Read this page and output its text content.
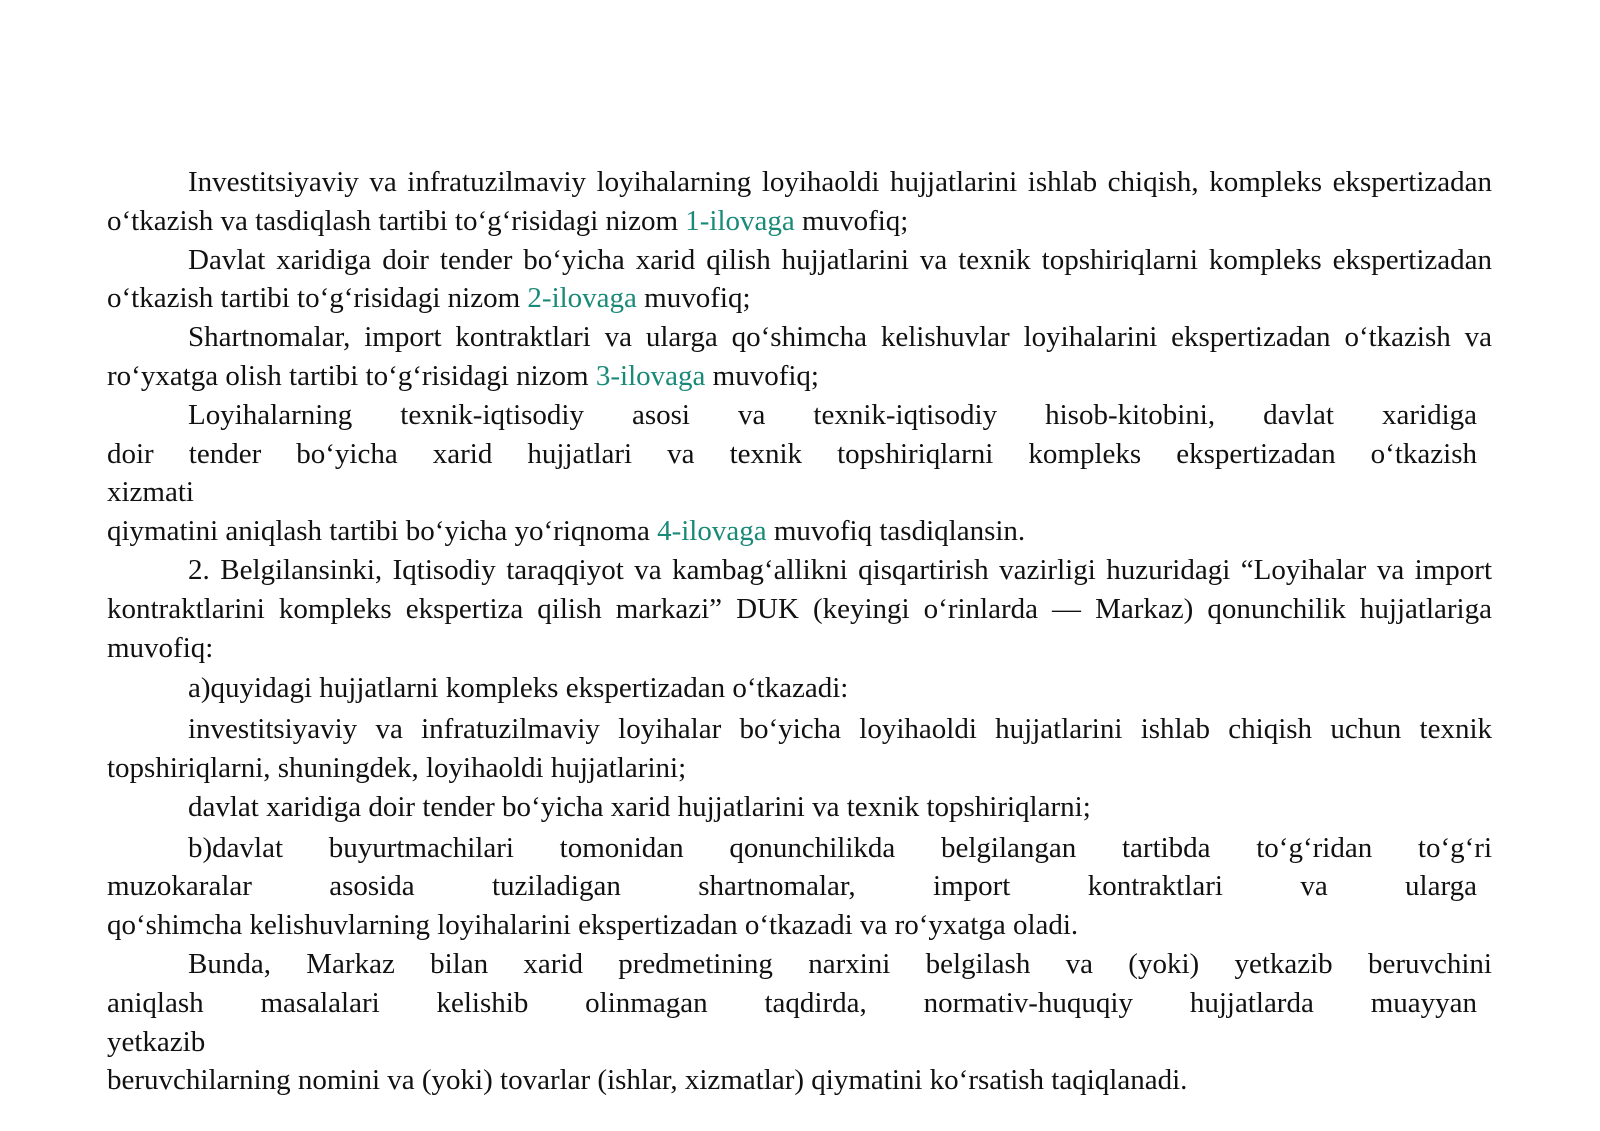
Investitsiyaviy va infratuzilmaviy loyihalarning loyihaoldi hujjatlarini ishlab chiqish, kompleks ekspertizadan o‘tkazish va tasdiqlash tartibi to‘g‘risidagi nizom 1-ilovaga muvofiq;

Davlat xaridiga doir tender bo‘yicha xarid qilish hujjatlarini va texnik topshiriqlarni kompleks ekspertizadan o‘tkazish tartibi to‘g‘risidagi nizom 2-ilovaga muvofiq;

Shartnomalar, import kontraktlari va ularga qo‘shimcha kelishuvlar loyihalarini ekspertizadan o‘tkazish va ro‘yxatga olish tartibi to‘g‘risidagi nizom 3-ilovaga muvofiq;

Loyihalarning texnik-iqtisodiy asosi va texnik-iqtisodiy hisob-kitobini, davlat xaridiga

doir tender bo‘yicha xarid hujjatlari va texnik topshiriqlarni kompleks ekspertizadan o‘tkazish

xizmati

qiymatini aniqlash tartibi bo‘yicha yo‘riqnoma 4-ilovaga muvofiq tasdiqlansin.

2. Belgilansinki, Iqtisodiy taraqqiyot va kambag‘allikni qisqartirish vazirligi huzuridagi “Loyihalar va import kontraktlarini kompleks ekspertiza qilish markazi” DUK (keyingi o‘rinlarda — Markaz) qonunchilik hujjatlariga muvofiq:

a)quyidagi hujjatlarni kompleks ekspertizadan o‘tkazadi:

investitsiyaviy va infratuzilmaviy loyihalar bo‘yicha loyihaoldi hujjatlarini ishlab chiqish uchun texnik topshiriqlarni, shuningdek, loyihaoldi hujjatlarini;

davlat xaridiga doir tender bo‘yicha xarid hujjatlarini va texnik topshiriqlarni;

b)davlat buyurtmachilari tomonidan qonunchilikda belgilangan tartibda to‘g‘ridan to‘g‘ri

muzokaralar asosida tuziladigan shartnomalar, import kontraktlari va ularga

qo‘shimcha kelishuvlarning loyihalarini ekspertizadan o‘tkazadi va ro‘yxatga oladi.

Bunda, Markaz bilan xarid predmetining narxini belgilash va (yoki) yetkazib beruvchini

aniqlash masalalari kelishib olinmagan taqdirda, normativ-huquqiy hujjatlarda muayyan

yetkazib

beruvchilarning nomini va (yoki) tovarlar (ishlar, xizmatlar) qiymatini ko‘rsatish taqiqlanadi.
